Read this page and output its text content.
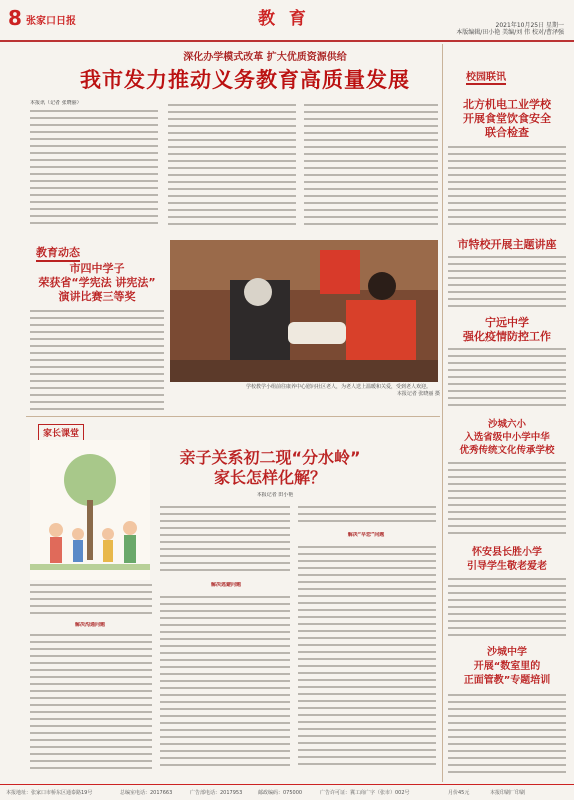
8 张家口日报	教 育	2021年10月25日 星期一
本版编辑/田小艳 美编/刘 伟 校对/曹泽强
深化办学模式改革 扩大优质资源供给
我市发力推动义务教育高质量发展
本报讯（记者 张晓丽）
教育动态
市四中学子
荣获省“学宪法 讲宪法”
演讲比赛三等奖
学校教学小组前往康养中心慰问社区老人，为老人送上温暖和关爱，受到老人欢迎。
本报记者 张晓丽 摄
家长课堂
亲子关系初二现“分水岭”
家长怎样化解？
本报记者 田小艳
解决沟通问题
解决逃避问题
解决“早恋”问题
校园联讯
北方机电工业学校
开展食堂饮食安全
联合检查
市特校开展主题讲座
宁远中学
强化疫情防控工作
沙城六小
入选省级中小学中华
优秀传统文化传承学校
怀安县长胜小学
引导学生敬老爱老
沙城中学
开展“数室里的
正面管教”专题培训
本报地址：张家口市桥东区通泰路19号	总编室电话：2017663	广告部电话：2017953	邮政编码：075000	广告许可证：冀工商广字（张市）002号	月价45元	本报印刷厂印刷
